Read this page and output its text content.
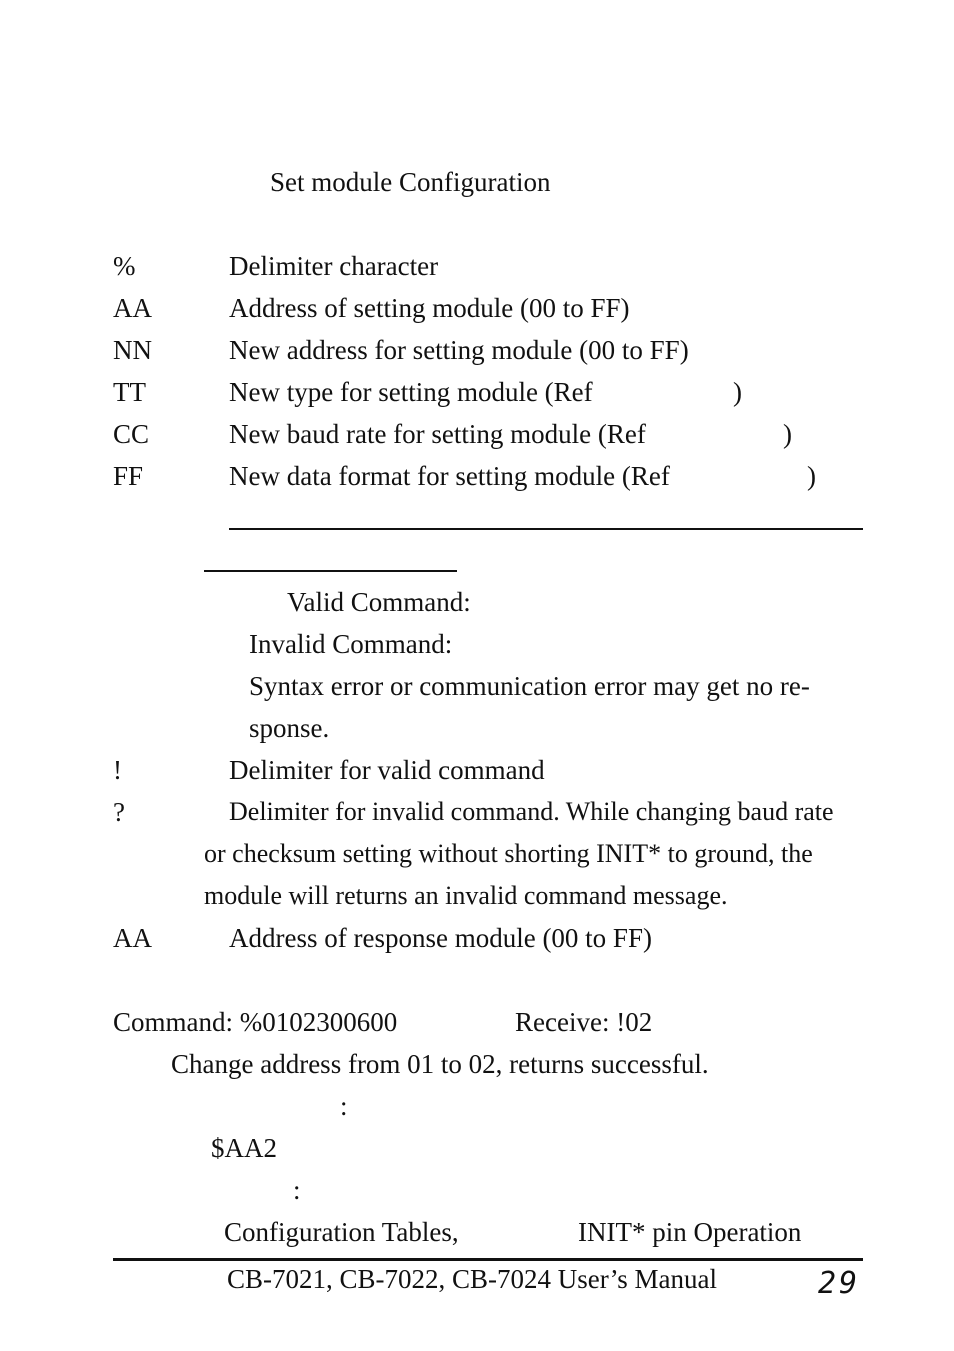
Set module Configuration
%	Delimiter character
AA	Address of setting module (00 to FF)
NN	New address for setting module (00 to FF)
TT	New type for setting module (Ref	)
CC	New baud rate for setting module (Ref	)
FF	New data format for setting module (Ref	)
Valid Command:
Invalid Command:
Syntax error or communication error may get no re-
sponse.
!	Delimiter for valid command
?	Delimiter for invalid command. While changing baud rate
or checksum setting without shorting INIT* to ground, the
module will returns an invalid command message.
AA	Address of response module (00 to FF)
Command: %0102300600	Receive: !02
Change address from 01 to 02, returns successful.
:
$AA2
:
Configuration Tables,	INIT* pin Operation
CB-7021, CB-7022, CB-7024 User’s Manual	29
